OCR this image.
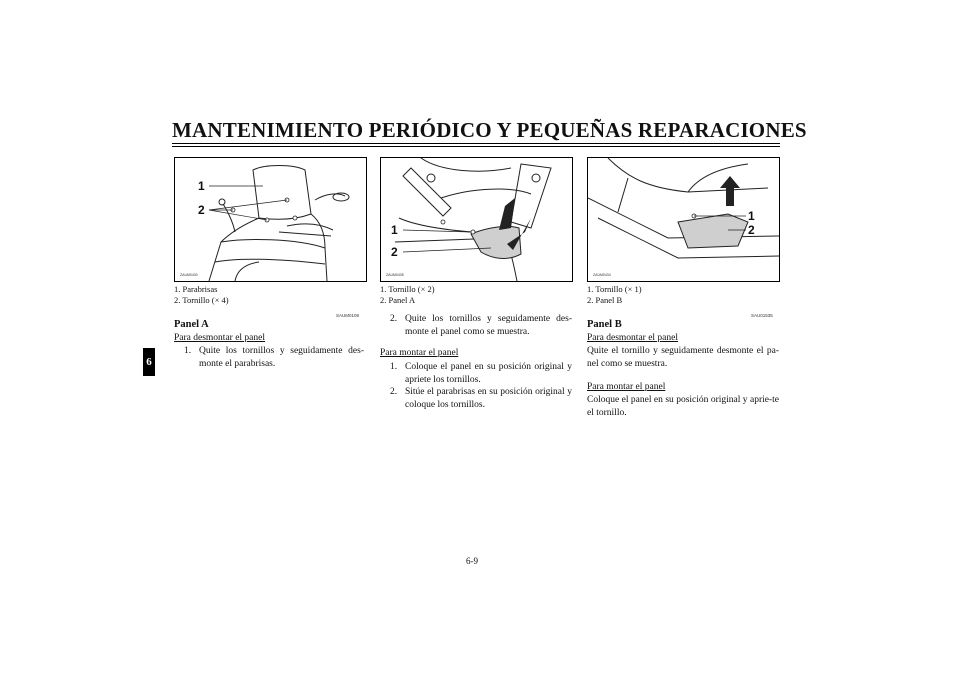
MANTENIMIENTO PERIÓDICO Y PEQUEÑAS REPARACIONES
6
1
2
ZAUM0430
1
2
ZAUM0435
1
2
ZAUM0434
1. Parabrisas
2. Tornillo (× 4)
1. Tornillo (× 2)
2. Panel A
1. Tornillo (× 1)
2. Panel B
SAUM0108
Panel A
Para desmontar el panel
1. Quite los tornillos y seguidamente des-monte el parabrisas.
2. Quite los tornillos y seguidamente des-monte el panel como se muestra.
Para montar el panel
1. Coloque el panel en su posición original y apriete los tornillos.
2. Sitúe el parabrisas en su posición original y coloque los tornillos.
SAU01535
Panel B
Para desmontar el panel
Quite el tornillo y seguidamente desmonte el pa-nel como se muestra.
Para montar el panel
Coloque el panel en su posición original y aprie-te el tornillo.
6-9
